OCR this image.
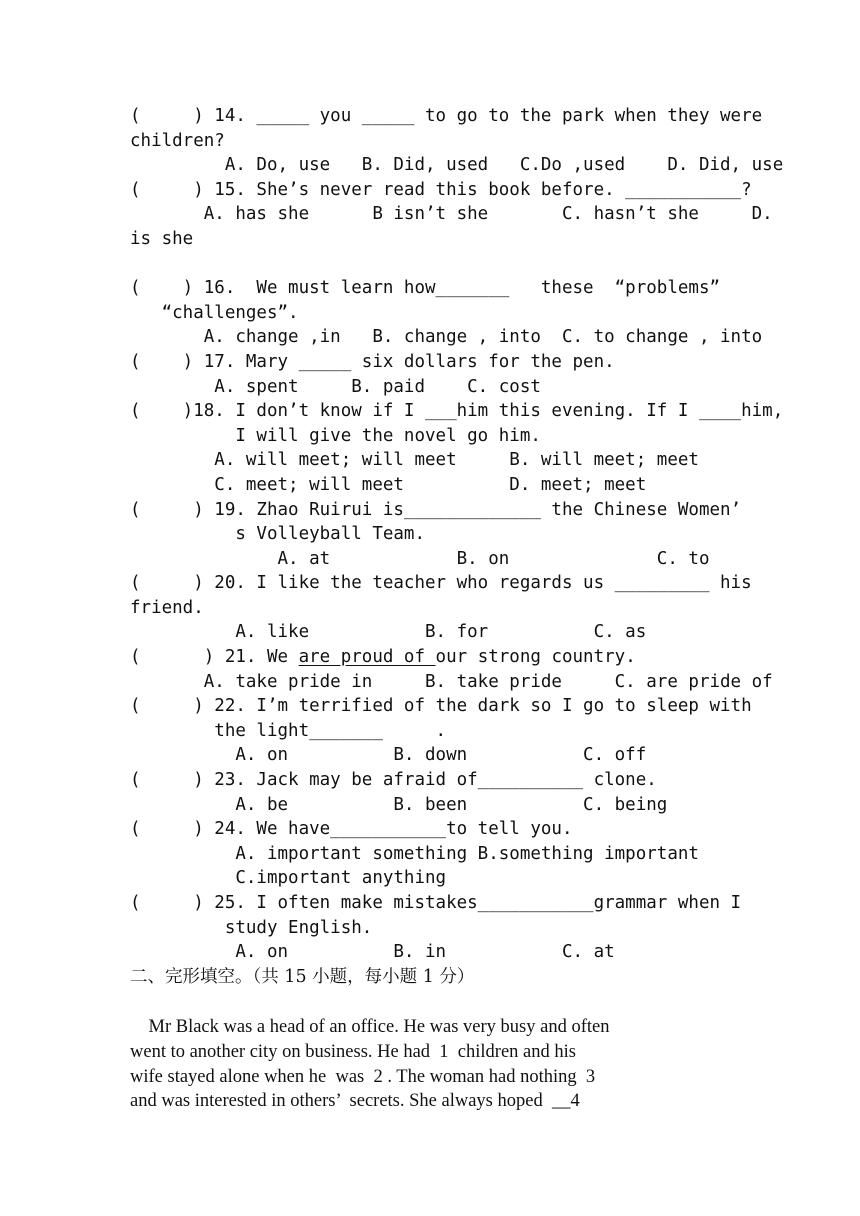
(     ) 14. _____ you _____ to go to the park when they were
children?
A. Do, use   B. Did, used   C.Do ,used    D. Did, use
(     ) 15. She’s never read this book before. ___________?
A. has she      B isn’t she       C. hasn’t she     D.
is she
(    ) 16.  We must learn how_______   these  “problems”
“challenges”.
A. change ,in   B. change , into  C. to change , into
(    ) 17. Mary _____ six dollars for the pen.
A. spent     B. paid    C. cost
(    )18. I don’t know if I ___him this evening. If I ____him,
I will give the novel go him.
A. will meet; will meet     B. will meet; meet
C. meet; will meet          D. meet; meet
(     ) 19. Zhao Ruirui is_____________ the Chinese Women’
s Volleyball Team.
A. at            B. on              C. to
(     ) 20. I like the teacher who regards us _________ his
friend.
A. like           B. for          C. as
(      ) 21. We are proud of our strong country.
A. take pride in     B. take pride     C. are pride of
(     ) 22. I’m terrified of the dark so I go to sleep with
the light_______     .
A. on          B. down           C. off
(     ) 23. Jack may be afraid of__________ clone.
A. be          B. been           C. being
(     ) 24. We have___________to tell you.
A. important something B.something important
C.important anything
(     ) 25. I often make mistakes___________grammar when I
study English.
A. on          B. in           C. at
二、完形填空。（共 15 小题，每小题 1 分）
Mr Black was a head of an office. He was very busy and often
went to another city on business. He had  1  children and his
wife stayed alone when he  was  2 . The woman had nothing  3
and was interested in others’  secrets. She always hoped  __4
